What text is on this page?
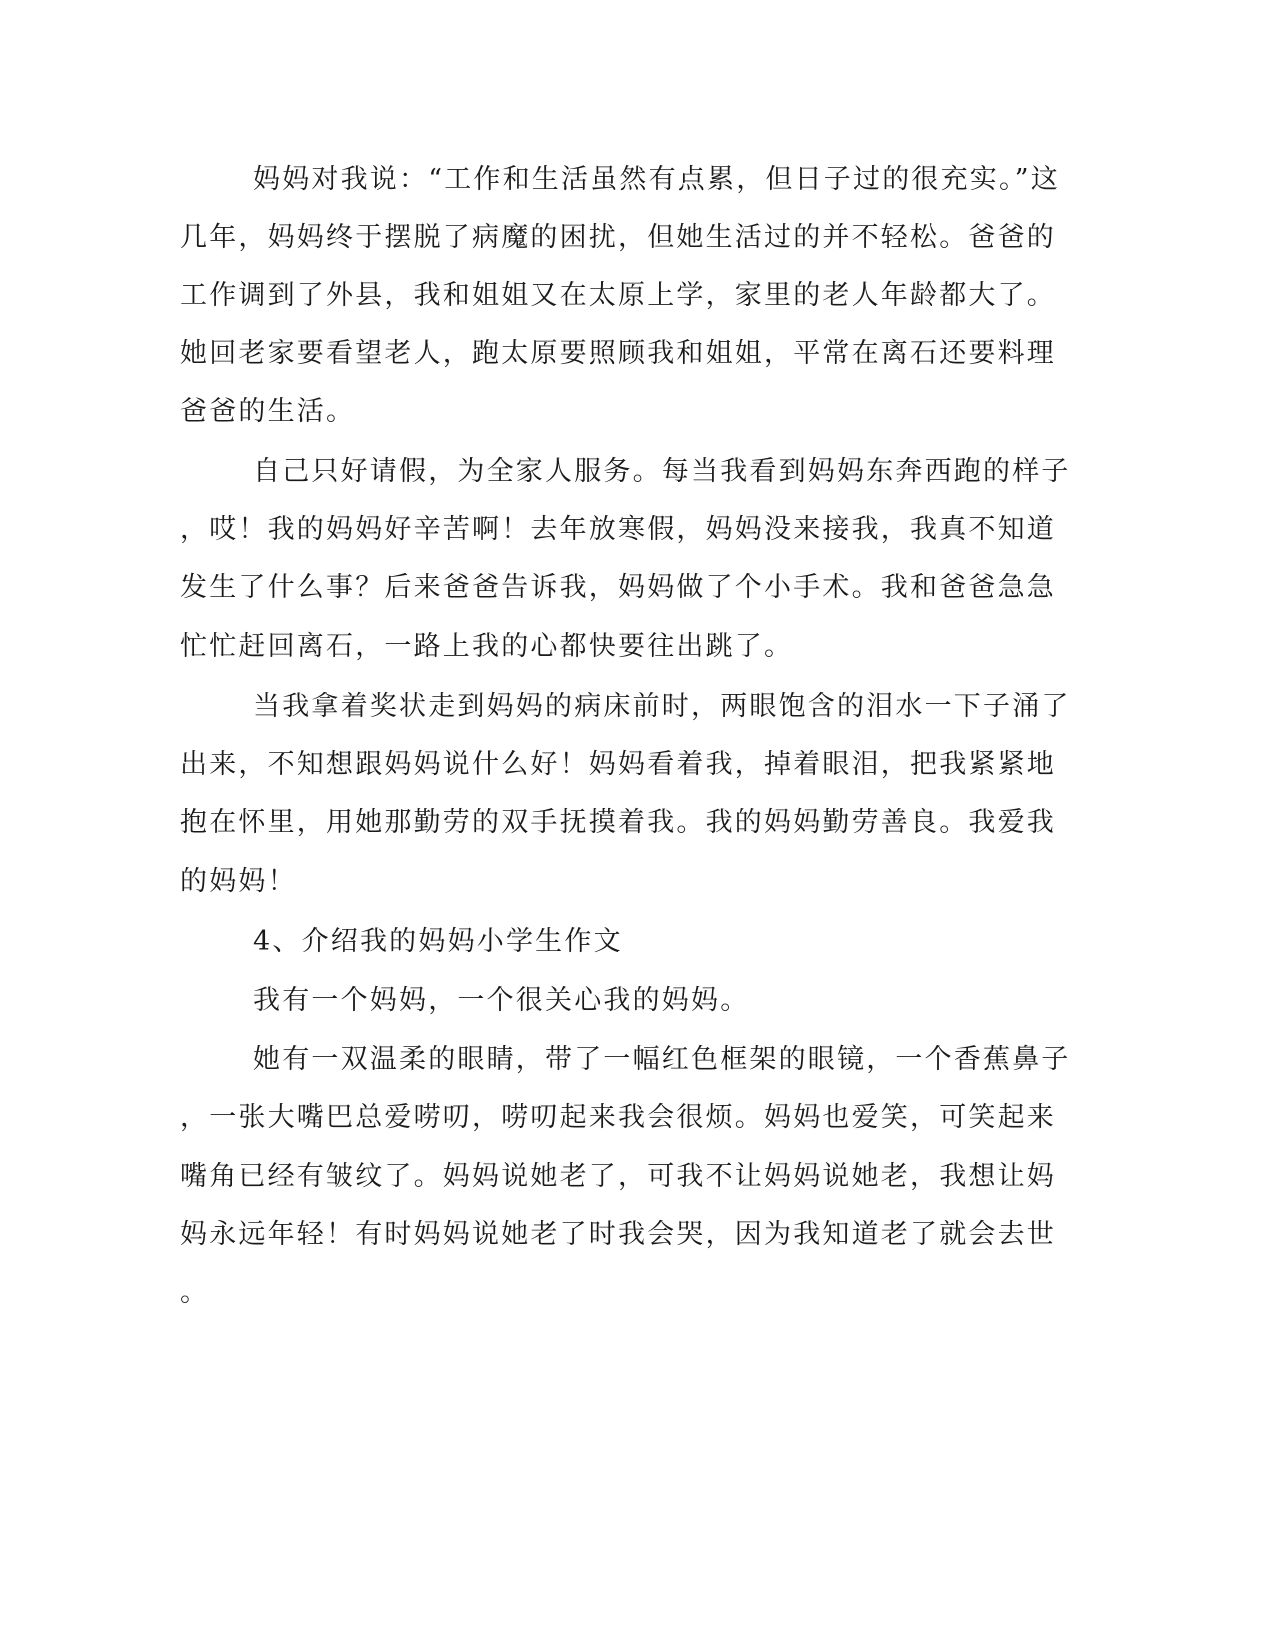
妈妈对我说：“工作和生活虽然有点累，但日子过的很充实。”这
几年，妈妈终于摆脱了病魔的困扰，但她生活过的并不轻松。爸爸的
工作调到了外县，我和姐姐又在太原上学，家里的老人年龄都大了。
她回老家要看望老人，跑太原要照顾我和姐姐，平常在离石还要料理
爸爸的生活。
自己只好请假，为全家人服务。每当我看到妈妈东奔西跑的样子
，哎！我的妈妈好辛苦啊！去年放寒假，妈妈没来接我，我真不知道
发生了什么事？后来爸爸告诉我，妈妈做了个小手术。我和爸爸急急
忙忙赶回离石，一路上我的心都快要往出跳了。
当我拿着奖状走到妈妈的病床前时，两眼饱含的泪水一下子涌了
出来，不知想跟妈妈说什么好！妈妈看着我，掉着眼泪，把我紧紧地
抱在怀里，用她那勤劳的双手抚摸着我。我的妈妈勤劳善良。我爱我
的妈妈！
4、介绍我的妈妈小学生作文
我有一个妈妈，一个很关心我的妈妈。
她有一双温柔的眼睛，带了一幅红色框架的眼镜，一个香蕉鼻子
，一张大嘴巴总爱唠叨，唠叨起来我会很烦。妈妈也爱笑，可笑起来
嘴角已经有皱纹了。妈妈说她老了，可我不让妈妈说她老，我想让妈
妈永远年轻！有时妈妈说她老了时我会哭，因为我知道老了就会去世
。
